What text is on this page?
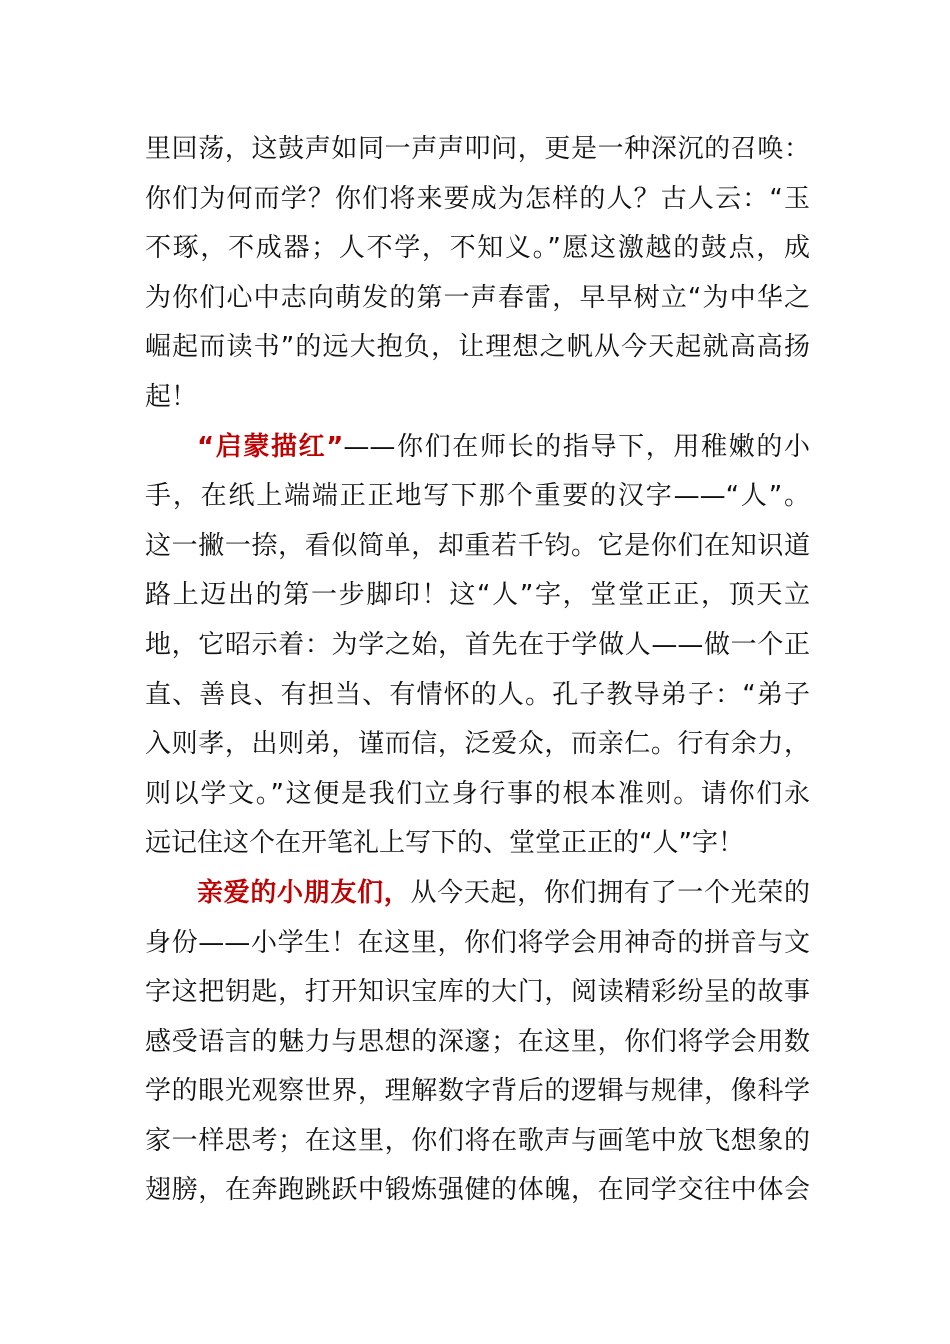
里回荡，这鼓声如同一声声叩问，更是一种深沉的召唤：
你们为何而学？你们将来要成为怎样的人？古人云：“玉
不琢，不成器；人不学，不知义。”愿这激越的鼓点，成
为你们心中志向萌发的第一声春雷，早早树立“为中华之
崛起而读书”的远大抱负，让理想之帆从今天起就高高扬
起！
“启蒙描红”——你们在师长的指导下，用稚嫩的小
手，在纸上端端正正地写下那个重要的汉字——“人”。
这一撇一捺，看似简单，却重若千钧。它是你们在知识道
路上迈出的第一步脚印！这“人”字，堂堂正正，顶天立
地，它昭示着：为学之始，首先在于学做人——做一个正
直、善良、有担当、有情怀的人。孔子教导弟子：“弟子
入则孝，出则弟，谨而信，泛爱众，而亲仁。行有余力，
则以学文。”这便是我们立身行事的根本准则。请你们永
远记住这个在开笔礼上写下的、堂堂正正的“人”字！
亲爱的小朋友们，从今天起，你们拥有了一个光荣的
身份——小学生！在这里，你们将学会用神奇的拼音与文
字这把钥匙，打开知识宝库的大门，阅读精彩纷呈的故事
感受语言的魅力与思想的深邃；在这里，你们将学会用数
学的眼光观察世界，理解数字背后的逻辑与规律，像科学
家一样思考；在这里，你们将在歌声与画笔中放飞想象的
翅膀，在奔跑跳跃中锻炼强健的体魄，在同学交往中体会
